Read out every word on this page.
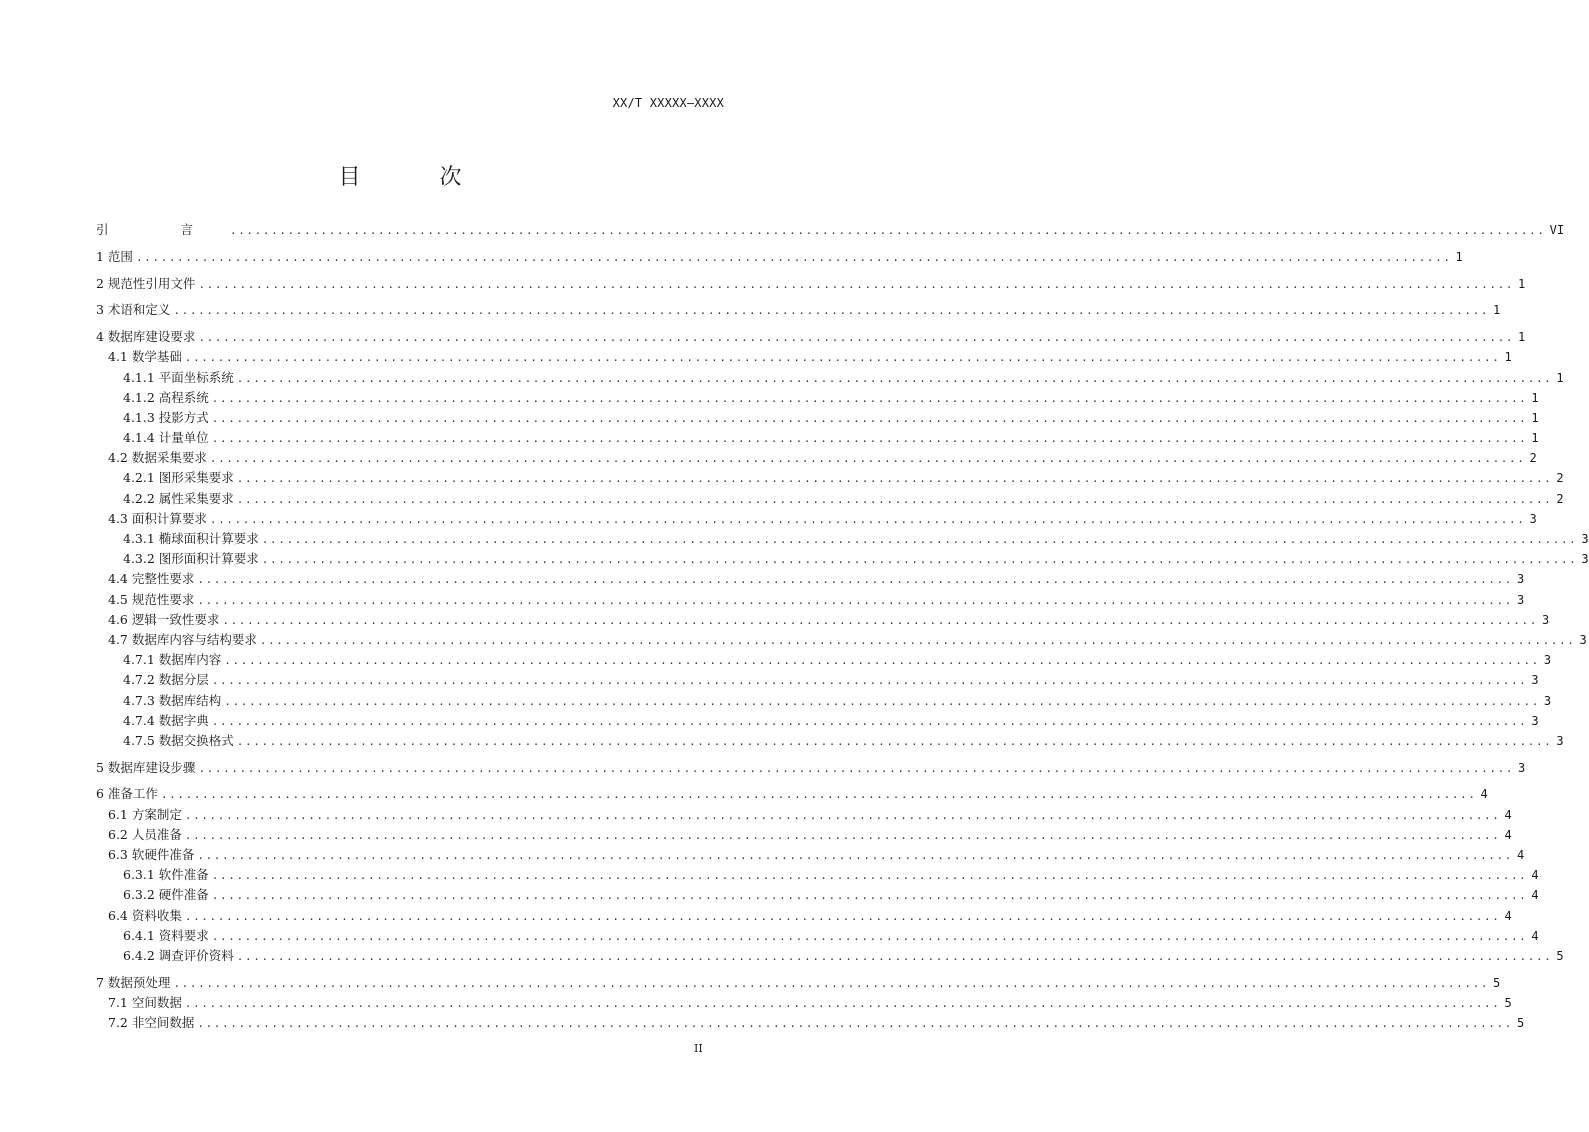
XX/T XXXXX—XXXX
目 次
引 言 ................................................................................................................................................................ VI
1 范围 ................................................................................................................................................................ 1
2 规范性引用文件 ................................................................................................................................................................ 1
3 术语和定义 ................................................................................................................................................................ 1
4 数据库建设要求 ................................................................................................................................................................ 1
4.1 数学基础 ................................................................................................................................................................ 1
4.1.1 平面坐标系统 ................................................................................................................................................................ 1
4.1.2 高程系统 ................................................................................................................................................................ 1
4.1.3 投影方式 ................................................................................................................................................................ 1
4.1.4 计量单位 ................................................................................................................................................................ 1
4.2 数据采集要求 ................................................................................................................................................................ 2
4.2.1 图形采集要求 ................................................................................................................................................................ 2
4.2.2 属性采集要求 ................................................................................................................................................................ 2
4.3 面积计算要求 ................................................................................................................................................................ 3
4.3.1 椭球面积计算要求 ................................................................................................................................................................ 3
4.3.2 图形面积计算要求 ................................................................................................................................................................ 3
4.4 完整性要求 ................................................................................................................................................................ 3
4.5 规范性要求 ................................................................................................................................................................ 3
4.6 逻辑一致性要求 ................................................................................................................................................................ 3
4.7 数据库内容与结构要求 ................................................................................................................................................................ 3
4.7.1 数据库内容 ................................................................................................................................................................ 3
4.7.2 数据分层 ................................................................................................................................................................ 3
4.7.3 数据库结构 ................................................................................................................................................................ 3
4.7.4 数据字典 ................................................................................................................................................................ 3
4.7.5 数据交换格式 ................................................................................................................................................................ 3
5 数据库建设步骤 ................................................................................................................................................................ 3
6 准备工作 ................................................................................................................................................................ 4
6.1 方案制定 ................................................................................................................................................................ 4
6.2 人员准备 ................................................................................................................................................................ 4
6.3 软硬件准备 ................................................................................................................................................................ 4
6.3.1 软件准备 ................................................................................................................................................................ 4
6.3.2 硬件准备 ................................................................................................................................................................ 4
6.4 资料收集 ................................................................................................................................................................ 4
6.4.1 资料要求 ................................................................................................................................................................ 4
6.4.2 调查评价资料 ................................................................................................................................................................ 5
7 数据预处理 ................................................................................................................................................................ 5
7.1 空间数据 ................................................................................................................................................................ 5
7.2 非空间数据 ................................................................................................................................................................ 5
II
